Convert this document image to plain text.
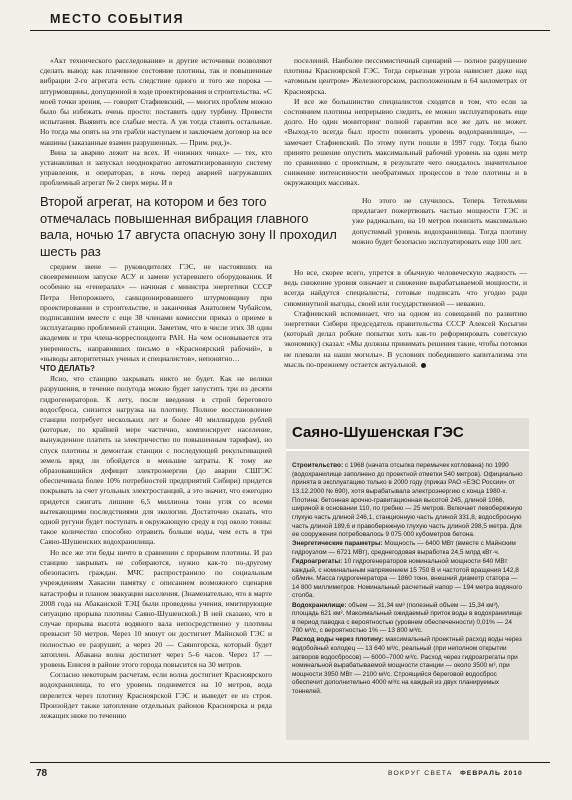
МЕСТО СОБЫТИЯ

«Акт технического расследования» и другие источники позволяют сделать вывод: как плачевное состояние плотины, так и повышенные вибрации 2-го агрегата есть следствие одного и того же порока — штурмовщины, допущенной в ходе проектирования и строительства. «С моей точки зрения, — говорит Стафиевский, — многих проблем можно было бы избежать очень просто: поставить одну турбину. Провести испытания. Выявить все слабые места. А уж тогда ставить остальные. Но тогда мы опять на эти грабли наступаем и заключаем договор на все машины (заказанные взамен разрушенных. — Прим. ред.)».

Вина за аварию лежит на всех. И «нижних чинах» — тех, кто устанавливал и запускал неоднократно автоматизированную систему управления, и операторах, в ночь перед аварией нагружавших проблемный агрегат № 2 сверх меры. И в

поселений. Наиболее пессимистичный сценарий — полное разрушение плотины Красноярской ГЭС. Тогда серьезная угроза нависнет даже над «атомным центром» Железногорском, расположенным в 64 километрах от Красноярска.

И все же большинство специалистов сходятся в том, что если за состоянием плотины непрерывно следить, ее можно эксплуатировать еще долго. Но один мониторинг полной гарантии все же дать не может. «Выход-то всегда был: просто понизить уровень водохранилища», — замечает Стафиевский. По этому пути пошли в 1997 году. Тогда было принято решение опустить максимальный рабочий уровень на один метр по сравнению с проектным, в результате чего ожидалось значительное снижение интенсивности необратимых процессов в теле плотины и в окружающих массивах.

Второй агрегат, на котором и без того отмечалась повышенная вибрация главного вала, ночью 17 августа опасную зону II проходил шесть раз

Но этого не случилось. Теперь Тетельмин предлагает пожертвовать частью мощности ГЭС и уже радикально, на 10 метров понизить максимально допустимый уровень водохранилища. Тогда плотину можно будет безопасно эксплуатировать еще 100 лет.

Но все, скорее всего, упрется в обычную человеческую жадность — ведь снижение уровня означает и снижение вырабатываемой мощности, и всегда найдутся специалисты, готовые подписать что угодно ради сиюминутной выгоды, своей или государственной — неважно.

Стафиевский вспоминает, что на одном из совещаний по развитию энергетики Сибири председатель правительства СССР Алексей Косыгин (который делал робкие попытки хоть как-то реформировать советскую экономику) сказал: «Мы должны принимать решения такие, чтобы потомки не плевали на наши могилы». В условиях победившего капитализма эти мысль по-прежнему остается актуальной.

среднем звене — руководителях ГЭС, не настоявших на своевременном запуске АСУ и замене устаревшего оборудования. И особенно на «генералах» — начиная с министра энергетики СССР Петра Непорожнего, санкционировавшего штурмовщину при проектировании и строительстве, и заканчивая Анатолием Чубайсом, подписавшим вместе с еще 38 членами комиссии приказ о приеме в эксплуатацию проблемной станции. Заметим, что в числе этих 38 один академик и три члена-корреспондента РАН. На чем основывается эта уверенность, направивших письмо в «Красноярский рабочий», в «выводы авторитетных ученых и специалистов», непонятно…

ЧТО ДЕЛАТЬ?

Ясно, что станцию закрывать никто не будет. Как не велики разрушения, в течение полугода можно будет запустить три из десяти гидрогенераторов. К лету, после введения в строй берегового водосброса, снизится нагрузка на плотину. Полное восстановление станции потребует нескольких лет и более 40 миллиардов рублей (которые, по крайней мере частично, компенсирует население, вынужденное платить за электричество по повышенным тарифам), но спуск плотины и демонтаж станции с последующей рекультивацией земель вряд ли обойдется в меньшие затраты. К тому же образовавшийся дефицит электроэнергии (до аварии СШГЭС обеспечивала более 10% потребностей предприятий Сибири) придется покрывать за счет угольных электростанций, а это значит, что ежегодно придется сжигать лишние 6,5 миллиона тонн угля со всеми вытекающими последствиями для экологии. Достаточно сказать, что одной ругуни будет поступать в окружающую среду в год около тонны: такое количество способно отравить больше воды, чем есть в три Саяно-Шушенских водохранилища.

Но все же эти беды ничто в сравнении с прорывом плотины. И раз станцию закрывать не собираются, нужно как-то по-другому обезопасить граждан. МЧС распространило по социальным учреждениям Хакасии памятку с описанием возможного сценария катастрофы и планом эвакуации населения. (Знаменательно, что в марте 2008 года на Абаканской ТЭЦ были проведены учения, имитирующие ситуацию прорыва плотины Саяно-Шушенской.) В ней сказано, что в случае прорыва высота водяного вала непосредственно у плотины превысит 50 метров. Через 10 минут он достигнет Майнской ГЭС и полностью ее разрушит, а через 20 — Саяногорска, который будет затоплен. Абакана волна достигнет через 5–6 часов. Через 17 — уровень Енисея в районе этого города повысится на 30 метров.

Согласно некоторым расчетам, если волна достигнет Красноярского водохранилища, то его уровень поднимется на 10 метров, вода перелется через плотину Красноярской ГЭС и выведет ее из строя. Произойдет также затопление отдельных районов Красноярска и ряда лежащих ниже по течению

Саяно-Шушенская ГЭС

Строительство: с 1968 (начата отсыпка перемычек котлована) по 1990 (водохранилище заполнено до проектной отметки 540 метров). Официально принята в эксплуатацию только в 2000 году (приказ РАО «ЕЭС России» от 13.12.2000 № 690), хотя вырабатывала электроэнергию с конца 1980-х.

Плотина: бетонная арочно-гравитационная высотой 245, длиной 1066, шириной в основании 110, по гребню — 25 метров. Включает левобережную глухую часть длиной 246,1, станционную часть длиной 331,8, водосбросную часть длиной 189,6 и правобережную глухую часть длиной 298,5 метра. Для ее сооружения потребовалось 9 075 000 кубометров бетона.

Энергетические параметры: Мощность — 6400 МВт (вместе с Майнским гидроузлом — 6721 МВт), среднегодовая выработка 24,5 млрд кВт·ч.

Гидроагрегаты: 10 гидрогенераторов номинальной мощности 640 МВт каждый, с номинальным напряжением 15 750 В и частотой вращения 142,8 об/мин. Масса гидрогенератора — 1860 тонн, внешний диаметр статора — 14 800 миллиметров. Номинальный расчетный напор — 194 метра водяного столба.

Водохранилище: объем — 31,34 км³ (полезный объем — 15,34 км³), площадь 621 км². Максимальный ожидаемый приток воды в водохранилище в период паводка с вероятностью (уровнем обеспеченности) 0,01% — 24 700 м³/с, с вероятностью 1% — 13 800 м³/с.

Расход воды через плотину: максимальный проектный расход воды через водобойный колодец — 13 640 м³/с, реальный (при неполном открытии затворов водосбросов) — 6000–7000 м³/с. Расход через гидроагрегаты при номинальной вырабатываемой мощности станции — около 3500 м³, при мощности 3950 МВт — 2100 м³/с. Строящийся береговой водосброс обеспечит дополнительно 4000 м³/с на каждый из двух планируемых тоннелей.

78	ВОКРУГ СВЕТА ФЕВРАЛЬ 2010
